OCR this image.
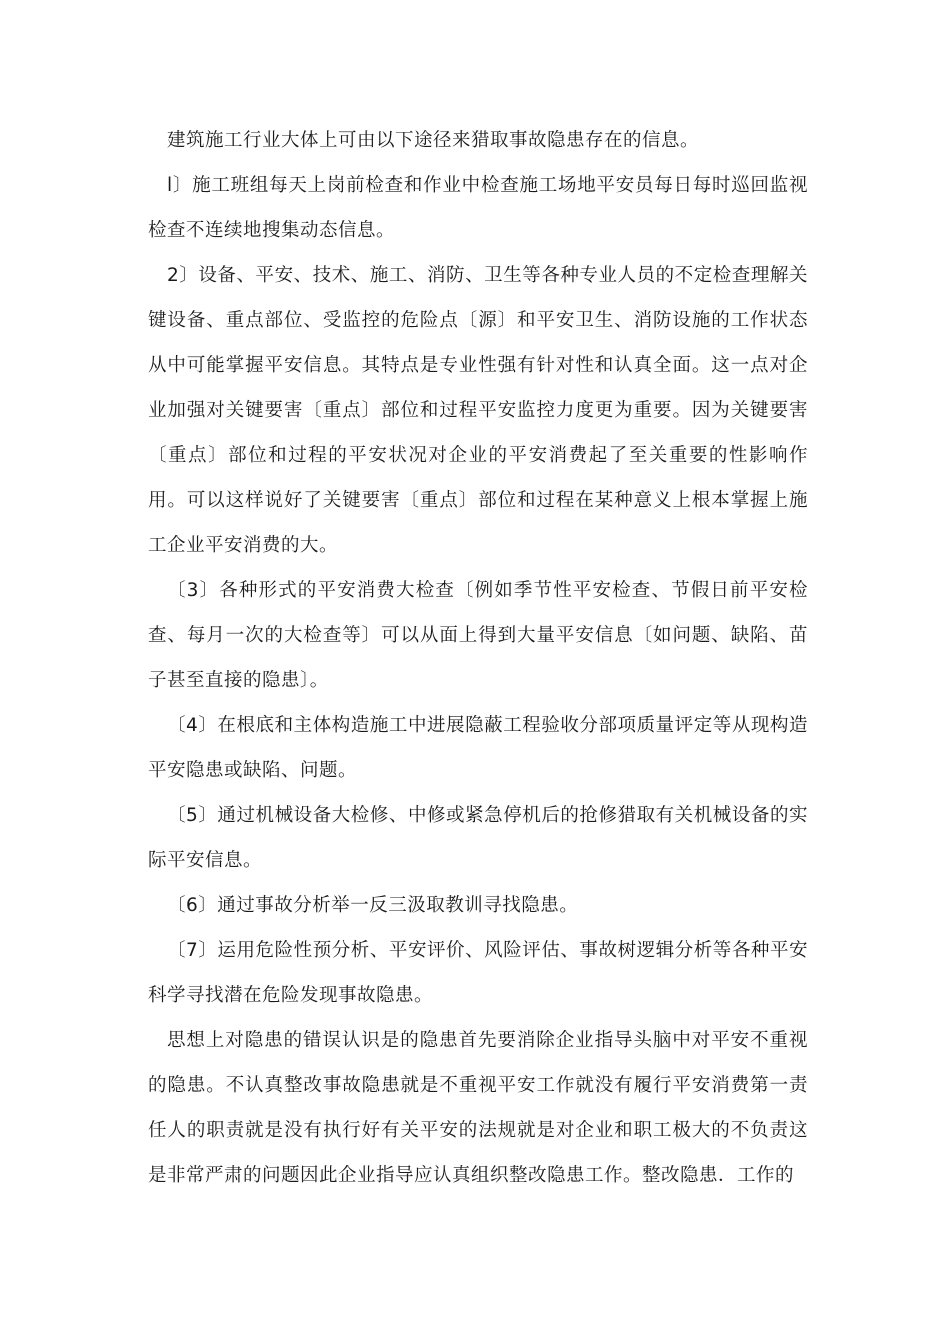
建筑施工行业大体上可由以下途径来猎取事故隐患存在的信息。

l〕施工班组每天上岗前检查和作业中检查施工场地平安员每日每时巡回监视检查不连续地搜集动态信息。

2〕设备、平安、技术、施工、消防、卫生等各种专业人员的不定检查理解关键设备、重点部位、受监控的危险点〔源〕和平安卫生、消防设施的工作状态从中可能掌握平安信息。其特点是专业性强有针对性和认真全面。这一点对企业加强对关键要害〔重点〕部位和过程平安监控力度更为重要。因为关键要害〔重点〕部位和过程的平安状况对企业的平安消费起了至关重要的性影响作用。可以这样说好了关键要害〔重点〕部位和过程在某种意义上根本掌握上施工企业平安消费的大。

〔3〕各种形式的平安消费大检查〔例如季节性平安检查、节假日前平安检查、每月一次的大检查等〕可以从面上得到大量平安信息〔如问题、缺陷、苗子甚至直接的隐患〕。

〔4〕在根底和主体构造施工中进展隐蔽工程验收分部项质量评定等从现构造平安隐患或缺陷、问题。

〔5〕通过机械设备大检修、中修或紧急停机后的抢修猎取有关机械设备的实际平安信息。

〔6〕通过事故分析举一反三汲取教训寻找隐患。

〔7〕运用危险性预分析、平安评价、风险评估、事故树逻辑分析等各种平安科学寻找潜在危险发现事故隐患。

思想上对隐患的错误认识是的隐患首先要消除企业指导头脑中对平安不重视的隐患。不认真整改事故隐患就是不重视平安工作就没有履行平安消费第一责任人的职责就是没有执行好有关平安的法规就是对企业和职工极大的不负责这是非常严肃的问题因此企业指导应认真组织整改隐患工作。整改隐患．工作的
